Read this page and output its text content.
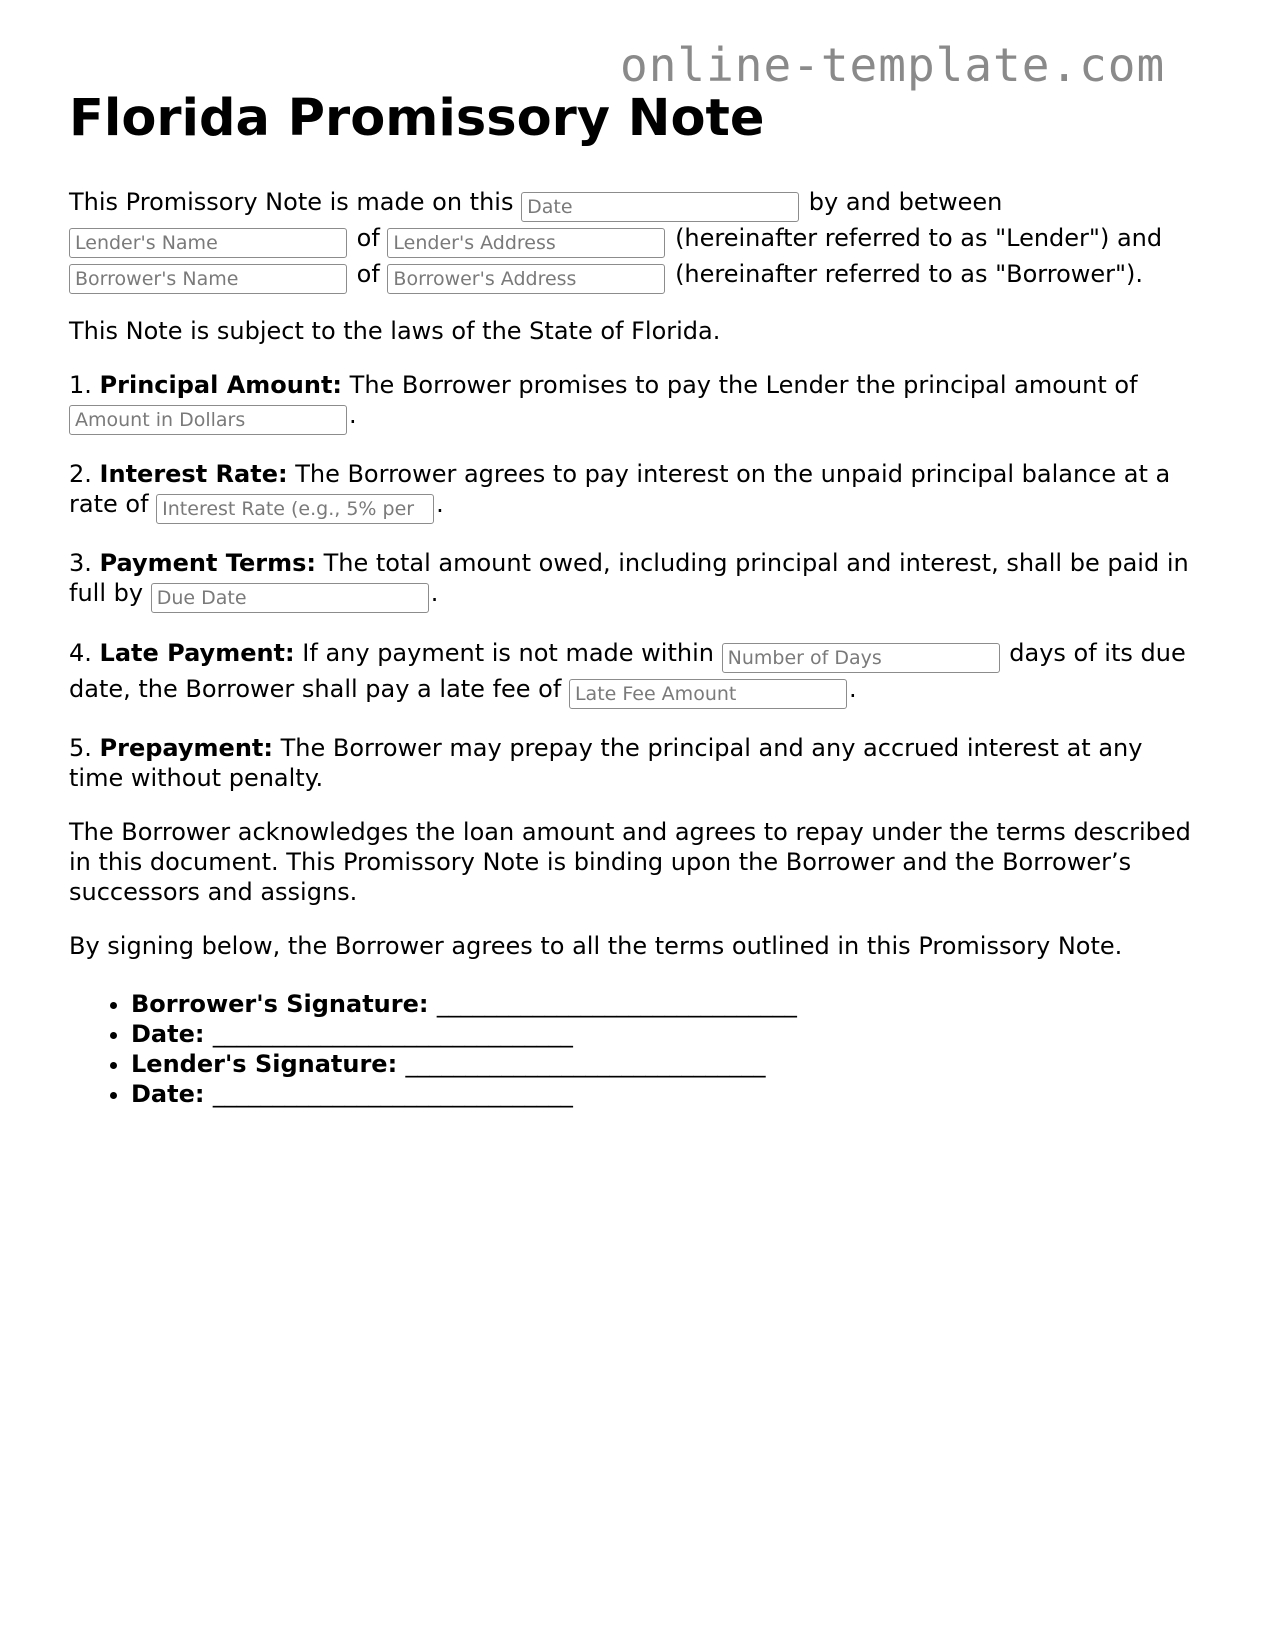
online-template.com
Florida Promissory Note

This Promissory Note is made on this Date	by and between
Lender's Name of Lender's Address	(hereinafter referred to as "Lender") and
Borrower's Name of Borrower's Address	(hereinafter referred to as "Borrower").

This Note is subject to the laws of the State of Florida.

1. Principal Amount: The Borrower promises to pay the Lender the principal amount of
Amount in Dollars.

2. Interest Rate: The Borrower agrees to pay interest on the unpaid principal balance at a rate of Interest Rate (e.g., 5% per	.

3. Payment Terms: The total amount owed, including principal and interest, shall be paid in full by Due Date	.

4. Late Payment: If any payment is not made within Number of Days	days of its due date, the Borrower shall pay a late fee of Late Fee Amount	.

5. Prepayment: The Borrower may prepay the principal and any accrued interest at any time without penalty.

The Borrower acknowledges the loan amount and agrees to repay under the terms described in this document. This Promissory Note is binding upon the Borrower and the Borrower’s successors and assigns.

By signing below, the Borrower agrees to all the terms outlined in this Promissory Note.

• Borrower's Signature: ______________________________
• Date: ______________________________
• Lender's Signature: ______________________________
• Date: ______________________________
